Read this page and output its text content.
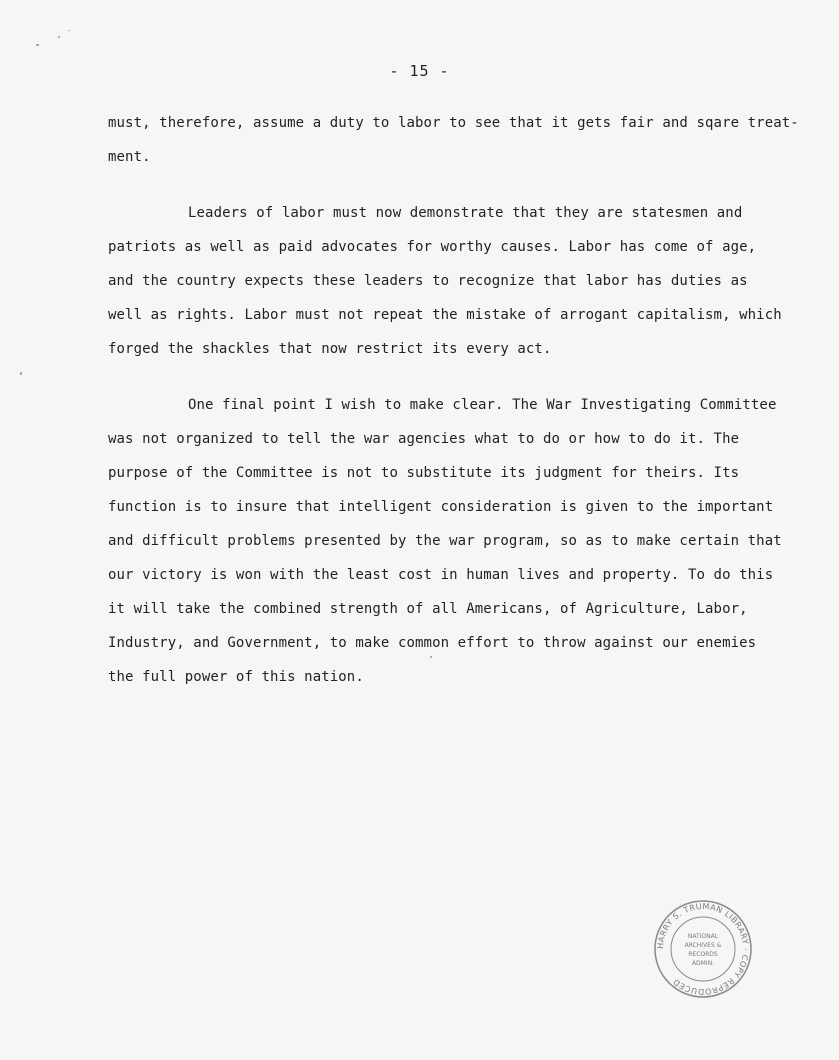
- 15 -
must, therefore, assume a duty to labor to see that it gets fair and sqare treat-
ment.
Leaders of labor must now demonstrate that they are statesmen and
patriots as well as paid advocates for worthy causes. Labor has come of age,
and the country expects these leaders to recognize that labor has duties as
well as rights. Labor must not repeat the mistake of arrogant capitalism, which
forged the shackles that now restrict its every act.
One final point I wish to make clear. The War Investigating Committee
was not organized to tell the war agencies what to do or how to do it. The
purpose of the Committee is not to substitute its judgment for theirs. Its
function is to insure that intelligent consideration is given to the important
and difficult problems presented by the war program, so as to make certain that
our victory is won with the least cost in human lives and property. To do this
it will take the combined strength of all Americans, of Agriculture, Labor,
Industry, and Government, to make common effort to throw against our enemies
the full power of this nation.
HARRY S. TRUMAN LIBRARY · COPY REPRODUCED
NATIONAL
ARCHIVES &
RECORDS
ADMIN.
